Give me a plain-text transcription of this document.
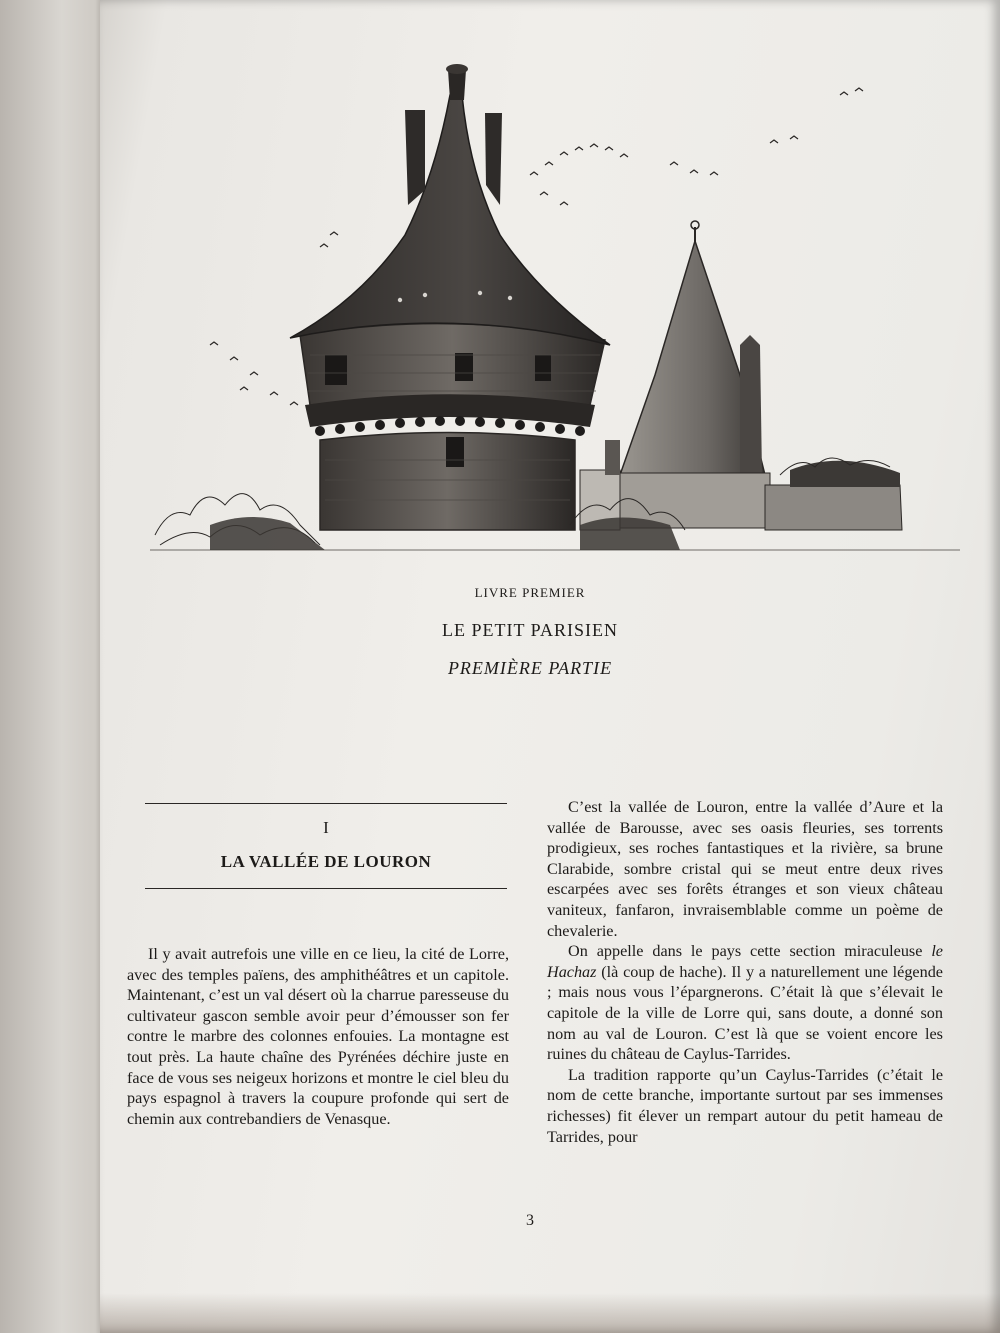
LIVRE PREMIER
LE PETIT PARISIEN
PREMIÈRE PARTIE
I
LA VALLÉE DE LOURON

Il y avait autrefois une ville en ce lieu, la cité de Lorre, avec des temples païens, des amphithéâtres et un capitole. Maintenant, c’est un val désert où la charrue paresseuse du cultivateur gascon semble avoir peur d’émousser son fer contre le marbre des colonnes enfouies. La montagne est tout près. La haute chaîne des Pyrénées déchire juste en face de vous ses neigeux horizons et montre le ciel bleu du pays espagnol à travers la coupure profonde qui sert de chemin aux contrebandiers de Venasque.

C’est la vallée de Louron, entre la vallée d’Aure et la vallée de Barousse, avec ses oasis fleuries, ses torrents prodigieux, ses roches fantastiques et la rivière, sa brune Clarabide, sombre cristal qui se meut entre deux rives escarpées avec ses forêts étranges et son vieux château vaniteux, fanfaron, invraisemblable comme un poème de chevalerie.

On appelle dans le pays cette section miraculeuse le Hachaz (là coup de hache). Il y a naturellement une légende ; mais nous vous l’épargnerons. C’était là que s’élevait le capitole de la ville de Lorre qui, sans doute, a donné son nom au val de Louron. C’est là que se voient encore les ruines du château de Caylus-Tarrides.

La tradition rapporte qu’un Caylus-Tarrides (c’était le nom de cette branche, importante surtout par ses immenses richesses) fit élever un rempart autour du petit hameau de Tarrides, pour

3
